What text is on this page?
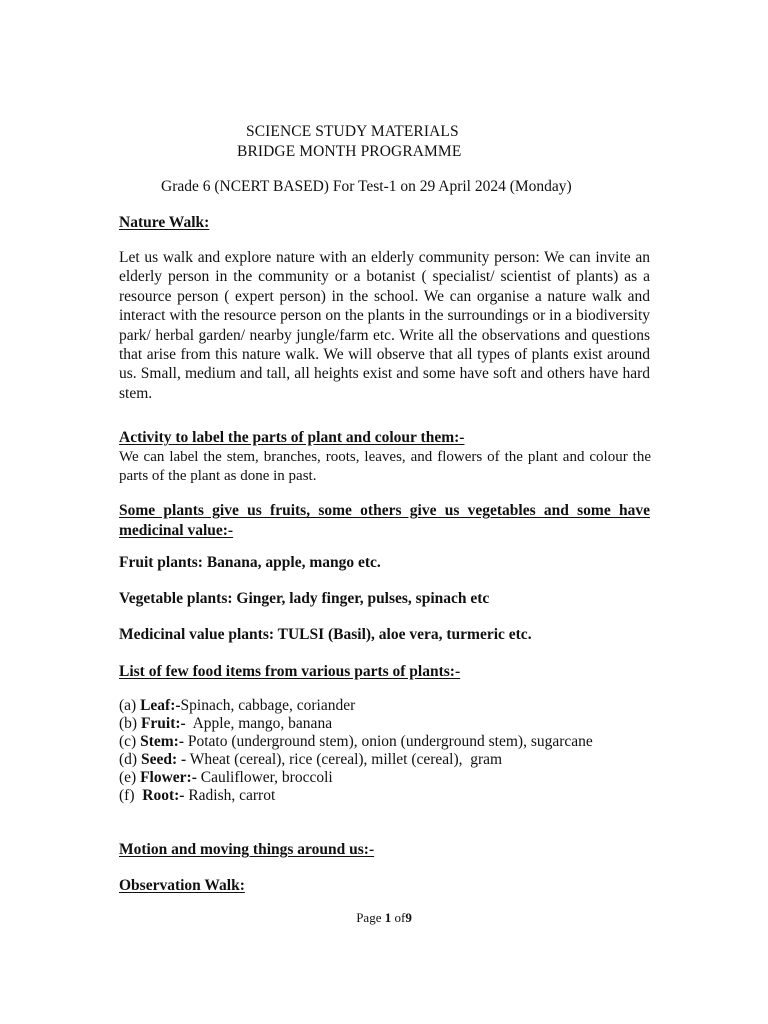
SCIENCE STUDY MATERIALS
BRIDGE MONTH PROGRAMME
Grade 6 (NCERT BASED) For Test-1 on 29 April 2024 (Monday)
Nature Walk:

Let us walk and explore nature with an elderly community person: We can invite an elderly person in the community or a botanist ( specialist/ scientist of plants) as a resource person ( expert person) in the school. We can organise a nature walk and interact with the resource person on the plants in the surroundings or in a biodiversity park/ herbal garden/ nearby jungle/farm etc. Write all the observations and questions that arise from this nature walk. We will observe that all types of plants exist around us. Small, medium and tall, all heights exist and some have soft and others have hard stem.

Activity to label the parts of plant and colour them:-

We can label the stem, branches, roots, leaves, and flowers of the plant and colour the parts of the plant as done in past.

Some plants give us fruits, some others give us vegetables and some have medicinal value:-
Fruit plants: Banana, apple, mango etc.
Vegetable plants: Ginger, lady finger, pulses, spinach etc
Medicinal value plants: TULSI (Basil), aloe vera, turmeric etc.
List of few food items from various parts of plants:-
(a) Leaf:-Spinach, cabbage, coriander
(b) Fruit:-  Apple, mango, banana
(c) Stem:- Potato (underground stem), onion (underground stem), sugarcane
(d) Seed: - Wheat (cereal), rice (cereal), millet (cereal),  gram
(e) Flower:- Cauliflower, broccoli
(f)  Root:- Radish, carrot
Motion and moving things around us:-
Observation Walk:
Page 1 of9
